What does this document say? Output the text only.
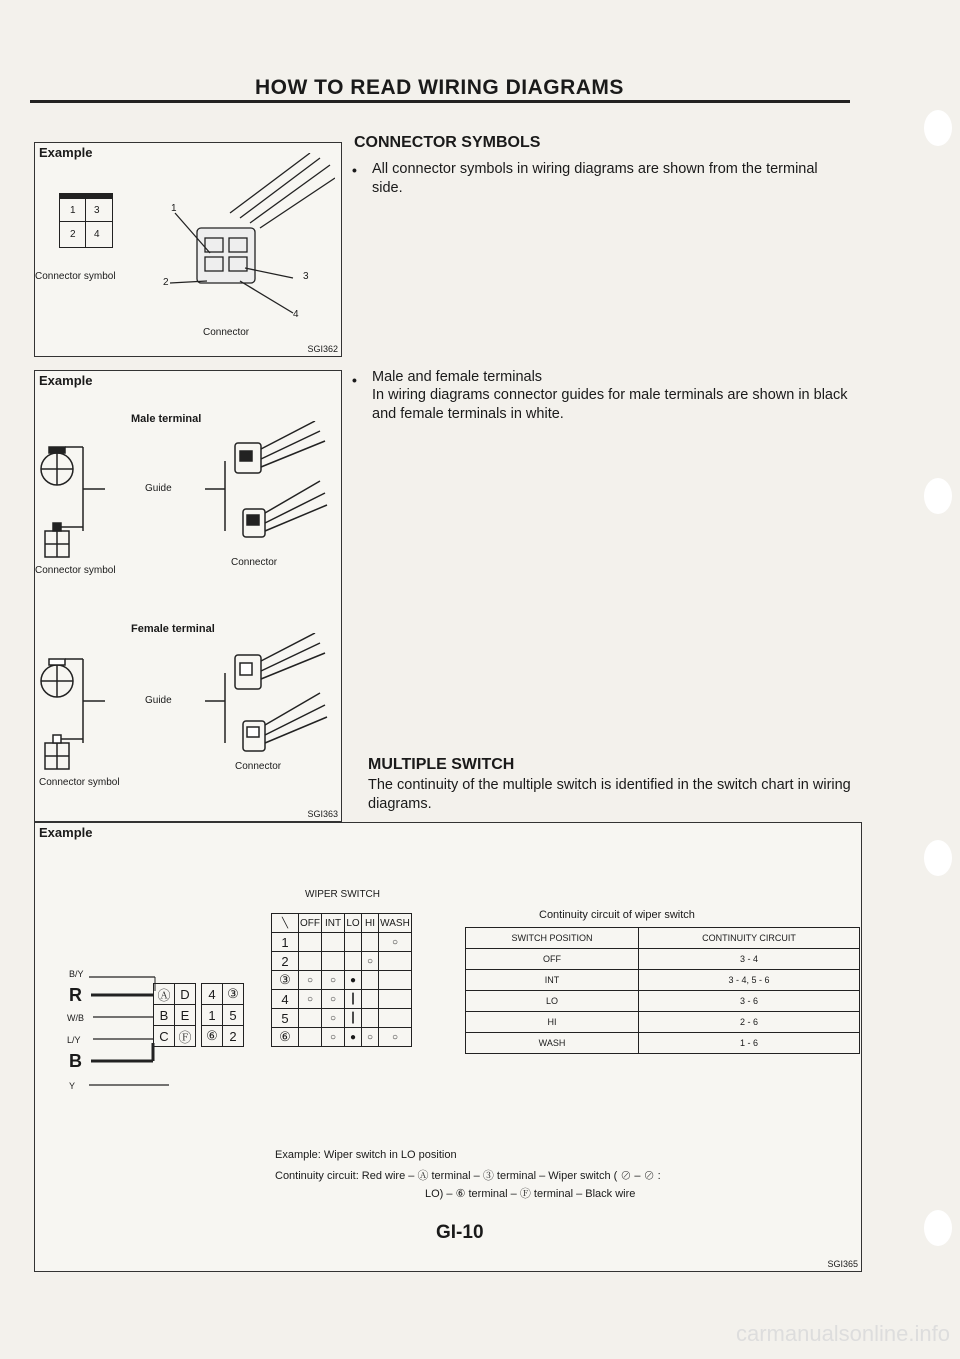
HOW TO READ WIRING DIAGRAMS
Example
1 3
2 4
Connector symbol
1
2
3
4
Connector
SGI362
Example
Male terminal
Guide
Connector symbol
Connector
Female terminal
Guide
Connector symbol
Connector
SGI363
CONNECTOR SYMBOLS
• All connector symbols in wiring diagrams are shown from the terminal side.
• Male and female terminals
In wiring diagrams connector guides for male terminals are shown in black and female terminals in white.
MULTIPLE SWITCH
The continuity of the multiple switch is identified in the switch chart in wiring diagrams.
Example
WIPER SWITCH
B/Y
R
W/B
L/Y
B
Y
Ⓐ	D
B	E
C	Ⓕ
4	③
1	5
⑥	2
╲	OFF	INT	LO	HI	WASH
1					○
2				○	
③	○	○	●		
4	○	○	┃		
5		○	┃		
⑥		○	●	○	○
Continuity circuit of wiper switch
SWITCH POSITION	CONTINUITY CIRCUIT
OFF	3 - 4
INT	3 - 4, 5 - 6
LO	3 - 6
HI	2 - 6
WASH	1 - 6
Example: Wiper switch in LO position
Continuity circuit: Red wire – Ⓐ terminal – ③ terminal – Wiper switch ( ⊘ – ⊘ :
LO) – ⑥ terminal – Ⓕ terminal – Black wire
SGI365
GI-10
carmanualsonline.info
